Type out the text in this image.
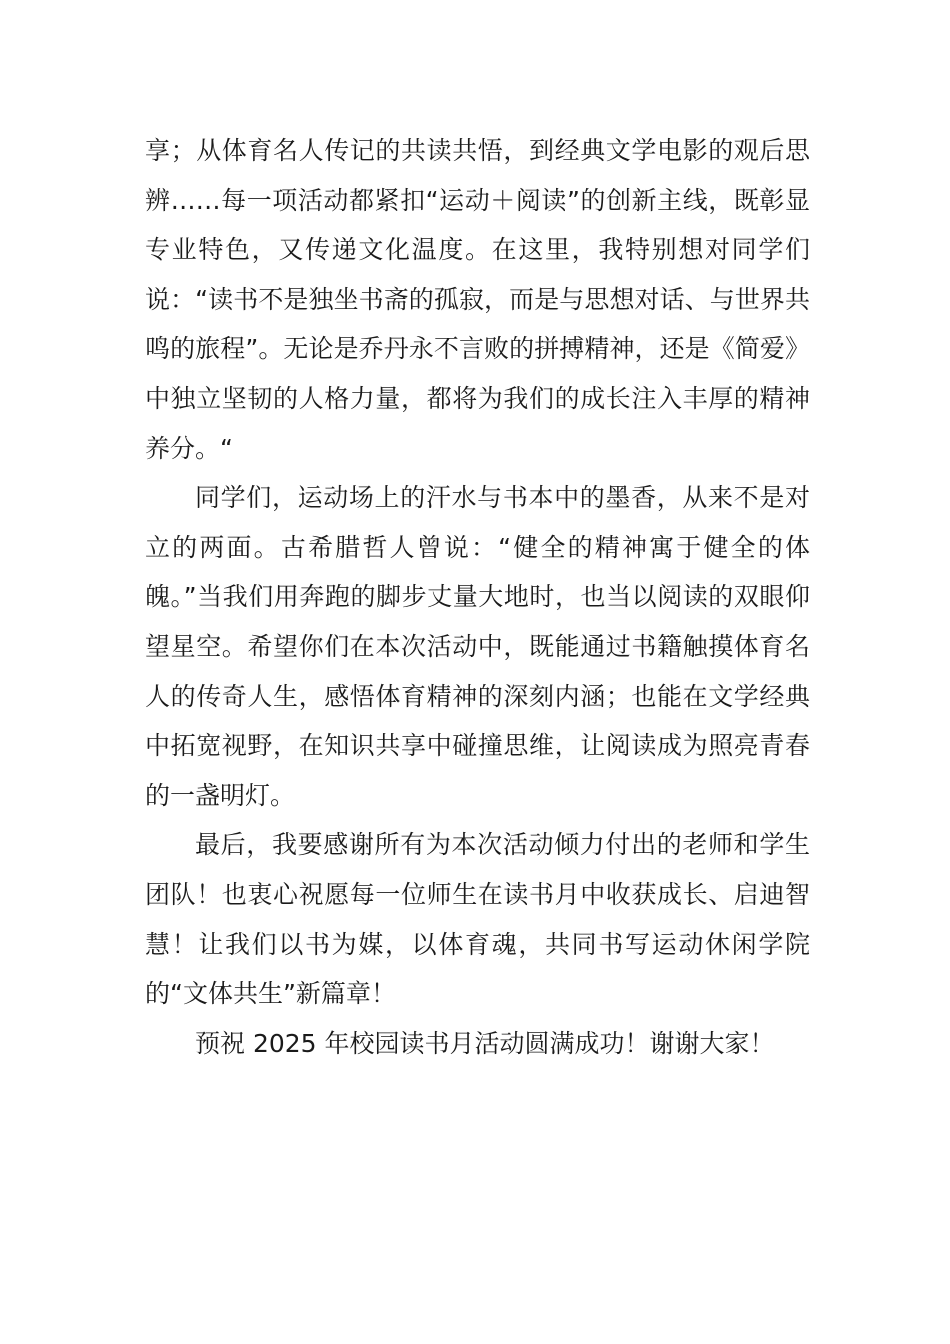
享；从体育名人传记的共读共悟，到经典文学电影的观后思辨……每一项活动都紧扣“运动＋阅读”的创新主线，既彰显专业特色，又传递文化温度。在这里，我特别想对同学们说：“读书不是独坐书斋的孤寂，而是与思想对话、与世界共鸣的旅程”。无论是乔丹永不言败的拼搏精神，还是《简爱》中独立坚韧的人格力量，都将为我们的成长注入丰厚的精神养分。“

同学们，运动场上的汗水与书本中的墨香，从来不是对立的两面。古希腊哲人曾说：“健全的精神寓于健全的体魄。”当我们用奔跑的脚步丈量大地时，也当以阅读的双眼仰望星空。希望你们在本次活动中，既能通过书籍触摸体育名人的传奇人生，感悟体育精神的深刻内涵；也能在文学经典中拓宽视野，在知识共享中碰撞思维，让阅读成为照亮青春的一盏明灯。

最后，我要感谢所有为本次活动倾力付出的老师和学生团队！也衷心祝愿每一位师生在读书月中收获成长、启迪智慧！让我们以书为媒，以体育魂，共同书写运动休闲学院的“文体共生”新篇章！

预祝 2025 年校园读书月活动圆满成功！谢谢大家！
